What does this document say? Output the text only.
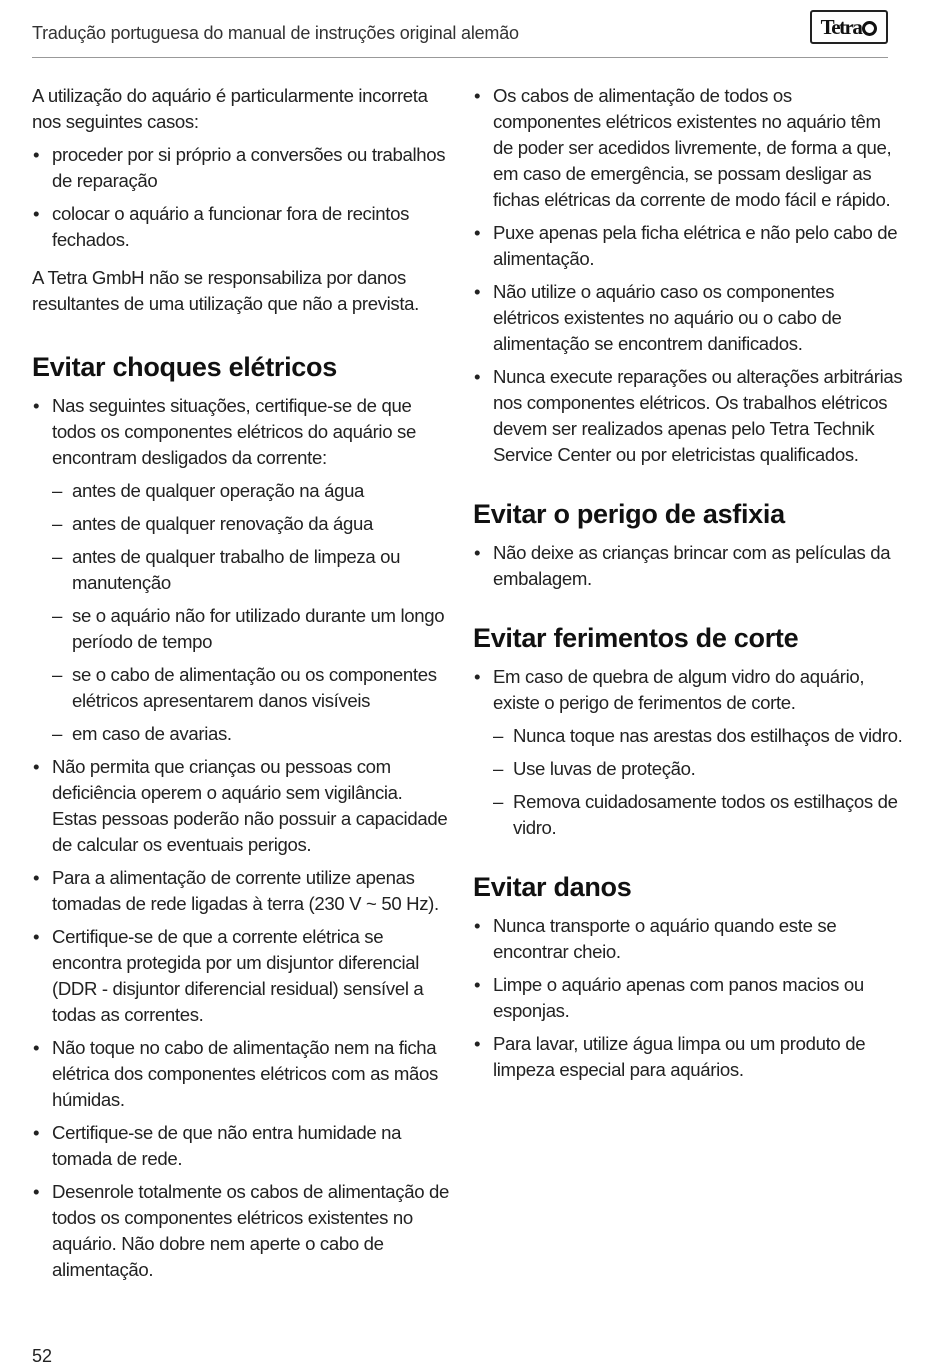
Tradução portuguesa do manual de instruções original alemão	Tetra

A utilização do aquário é particularmente incorreta nos seguintes casos:

• proceder por si próprio a conversões ou trabalhos de reparação
• colocar o aquário a funcionar fora de recintos fechados.

A Tetra GmbH não se responsabiliza por danos resultantes de uma utilização que não a prevista.

Evitar choques elétricos
• Nas seguintes situações, certifique-se de que todos os componentes elétricos do aquário se encontram desligados da corrente:
– antes de qualquer operação na água
– antes de qualquer renovação da água
– antes de qualquer trabalho de limpeza ou manutenção
– se o aquário não for utilizado durante um longo período de tempo
– se o cabo de alimentação ou os componentes elétricos apresentarem danos visíveis
– em caso de avarias.
• Não permita que crianças ou pessoas com deficiência operem o aquário sem vigilância. Estas pessoas poderão não possuir a capacidade de calcular os eventuais perigos.
• Para a alimentação de corrente utilize apenas tomadas de rede ligadas à terra (230 V ~ 50 Hz).
• Certifique-se de que a corrente elétrica se encontra protegida por um disjuntor diferencial (DDR - disjuntor diferencial residual) sensível a todas as correntes.
• Não toque no cabo de alimentação nem na ficha elétrica dos componentes elétricos com as mãos húmidas.
• Certifique-se de que não entra humidade na tomada de rede.
• Desenrole totalmente os cabos de alimentação de todos os componentes elétricos existentes no aquário. Não dobre nem aperte o cabo de alimentação.
• Os cabos de alimentação de todos os componentes elétricos existentes no aquário têm de poder ser acedidos livremente, de forma a que, em caso de emergência, se possam desligar as fichas elétricas da corrente de modo fácil e rápido.
• Puxe apenas pela ficha elétrica e não pelo cabo de alimentação.
• Não utilize o aquário caso os componentes elétricos existentes no aquário ou o cabo de alimentação se encontrem danificados.
• Nunca execute reparações ou alterações arbitrárias nos componentes elétricos. Os trabalhos elétricos devem ser realizados apenas pelo Tetra Technik Service Center ou por eletricistas qualificados.
Evitar o perigo de asfixia
• Não deixe as crianças brincar com as películas da embalagem.
Evitar ferimentos de corte
• Em caso de quebra de algum vidro do aquário, existe o perigo de ferimentos de corte.
– Nunca toque nas arestas dos estilhaços de vidro.
– Use luvas de proteção.
– Remova cuidadosamente todos os estilhaços de vidro.
Evitar danos
• Nunca transporte o aquário quando este se encontrar cheio.
• Limpe o aquário apenas com panos macios ou esponjas.
• Para lavar, utilize água limpa ou um produto de limpeza especial para aquários.
52
